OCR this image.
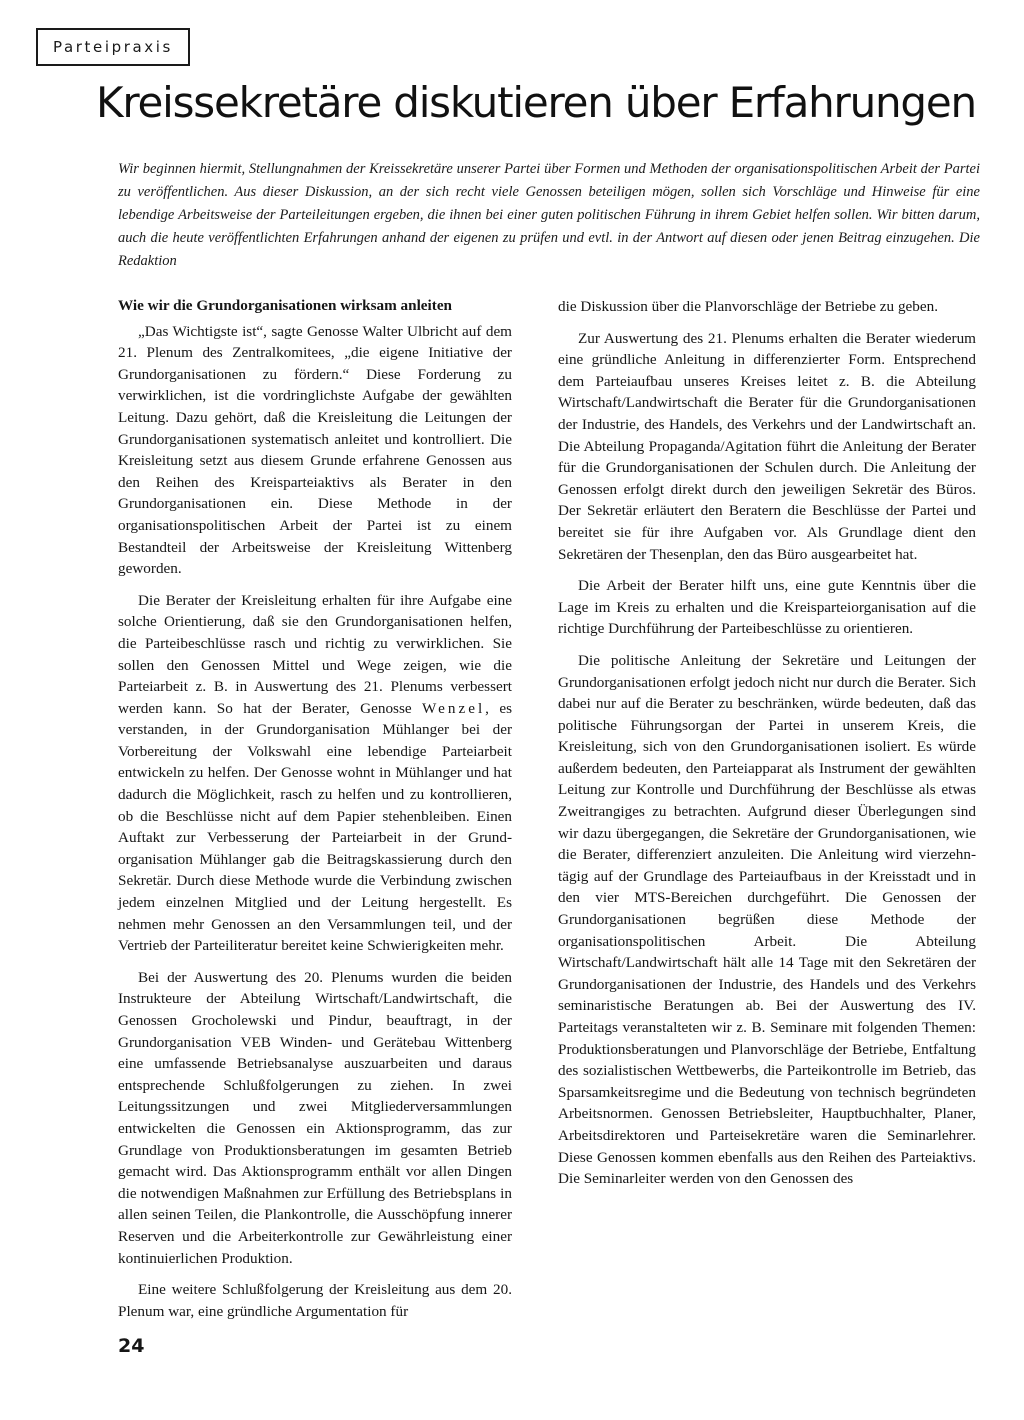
Parteipraxis
Kreissekretäre diskutieren über Erfahrungen

Wir beginnen hiermit, Stellungnahmen der Kreissekretäre unserer Partei über Formen und Methoden der organisationspolitischen Arbeit der Partei zu veröffentlichen. Aus dieser Diskussion, an der sich recht viele Genossen beteiligen mögen, sollen sich Vorschläge und Hinweise für eine lebendige Arbeitsweise der Parteileitungen ergeben, die ihnen bei einer guten politischen Führung in ihrem Gebiet helfen sollen. Wir bitten darum, auch die heute veröffentlichten Erfahrungen anhand der eigenen zu prüfen und evtl. in der Antwort auf diesen oder jenen Beitrag einzugehen. Die Redaktion

Wie wir die Grundorganisationen wirksam anleiten

„Das Wichtigste ist“, sagte Genosse Walter Ulbricht auf dem 21. Plenum des Zentralkomitees, „die eigene Initiative der Grundorganisationen zu fördern.“ Diese Forderung zu verwirklichen, ist die vordringlichste Aufgabe der gewählten Leitung. Dazu gehört, daß die Kreisleitung die Leitungen der Grundorganisationen systematisch anleitet und kontrolliert. Die Kreisleitung setzt aus diesem Grunde erfahrene Genossen aus den Reihen des Kreisparteiaktivs als Berater in den Grundorganisationen ein. Diese Methode in der organisationspolitischen Arbeit der Partei ist zu einem Bestandteil der Arbeitsweise der Kreisleitung Wittenberg geworden.

Die Berater der Kreisleitung erhalten für ihre Aufgabe eine solche Orientierung, daß sie den Grundorganisationen helfen, die Parteibeschlüsse rasch und richtig zu verwirklichen. Sie sollen den Genossen Mittel und Wege zeigen, wie die Parteiarbeit z. B. in Auswertung des 21. Plenums verbessert werden kann. So hat der Berater, Genosse Wenzel, es verstanden, in der Grundorganisation Mühlanger bei der Vorbereitung der Volkswahl eine lebendige Parteiarbeit entwickeln zu helfen. Der Genosse wohnt in Mühlanger und hat dadurch die Möglichkeit, rasch zu helfen und zu kontrollieren, ob die Beschlüsse nicht auf dem Papier stehenbleiben. Einen Auftakt zur Verbesserung der Parteiarbeit in der Grundorganisation Mühlanger gab die Beitragskassierung durch den Sekretär. Durch diese Methode wurde die Verbindung zwischen jedem einzelnen Mitglied und der Leitung hergestellt. Es nehmen mehr Genossen an den Versammlungen teil, und der Vertrieb der Parteiliteratur bereitet keine Schwierigkeiten mehr.

Bei der Auswertung des 20. Plenums wurden die beiden Instrukteure der Abteilung Wirtschaft/Landwirtschaft, die Genossen Grocholewski und Pindur, beauftragt, in der Grundorganisation VEB Winden- und Gerätebau Wittenberg eine umfassende Betriebsanalyse auszuarbeiten und daraus entsprechende Schlußfolgerungen zu ziehen. In zwei Leitungssitzungen und zwei Mitgliederversammlungen entwickelten die Genossen ein Aktionsprogramm, das zur Grundlage von Produktionsberatungen im gesamten Betrieb gemacht wird. Das Aktionsprogramm enthält vor allen Dingen die notwendigen Maßnahmen zur Erfüllung des Betriebsplans in allen seinen Teilen, die Plankontrolle, die Ausschöpfung innerer Reserven und die Arbeiterkontrolle zur Gewährleistung einer kontinuierlichen Produktion.

Eine weitere Schlußfolgerung der Kreisleitung aus dem 20. Plenum war, eine gründliche Argumentation für

die Diskussion über die Planvorschläge der Betriebe zu geben.

Zur Auswertung des 21. Plenums erhalten die Berater wiederum eine gründliche Anleitung in differenzierter Form. Entsprechend dem Parteiaufbau unseres Kreises leitet z. B. die Abteilung Wirtschaft/Landwirtschaft die Berater für die Grundorganisationen der Industrie, des Handels, des Verkehrs und der Landwirtschaft an. Die Abteilung Propaganda/Agitation führt die Anleitung der Berater für die Grundorganisationen der Schulen durch. Die Anleitung der Genossen erfolgt direkt durch den jeweiligen Sekretär des Büros. Der Sekretär erläutert den Beratern die Beschlüsse der Partei und bereitet sie für ihre Aufgaben vor. Als Grundlage dient den Sekretären der Thesenplan, den das Büro ausgearbeitet hat.

Die Arbeit der Berater hilft uns, eine gute Kenntnis über die Lage im Kreis zu erhalten und die Kreisparteiorganisation auf die richtige Durchführung der Parteibeschlüsse zu orientieren.

Die politische Anleitung der Sekretäre und Leitungen der Grundorganisationen erfolgt jedoch nicht nur durch die Berater. Sich dabei nur auf die Berater zu beschränken, würde bedeuten, daß das politische Führungsorgan der Partei in unserem Kreis, die Kreisleitung, sich von den Grundorganisationen isoliert. Es würde außerdem bedeuten, den Parteiapparat als Instrument der gewählten Leitung zur Kontrolle und Durchführung der Beschlüsse als etwas Zweitrangiges zu betrachten. Aufgrund dieser Überlegungen sind wir dazu übergegangen, die Sekretäre der Grundorganisationen, wie die Berater, differenziert anzuleiten. Die Anleitung wird vierzehntägig auf der Grundlage des Parteiaufbaus in der Kreisstadt und in den vier MTS-Bereichen durchgeführt. Die Genossen der Grundorganisationen begrüßen diese Methode der organisationspolitischen Arbeit. Die Abteilung Wirtschaft/Landwirtschaft hält alle 14 Tage mit den Sekretären der Grundorganisationen der Industrie, des Handels und des Verkehrs seminaristische Beratungen ab. Bei der Auswertung des IV. Parteitags veranstalteten wir z. B. Seminare mit folgenden Themen: Produktionsberatungen und Planvorschläge der Betriebe, Entfaltung des sozialistischen Wettbewerbs, die Parteikontrolle im Betrieb, das Sparsamkeitsregime und die Bedeutung von technisch begründeten Arbeitsnormen. Genossen Betriebsleiter, Hauptbuchhalter, Planer, Arbeitsdirektoren und Parteisekretäre waren die Seminarlehrer. Diese Genossen kommen ebenfalls aus den Reihen des Parteiaktivs. Die Seminarleiter werden von den Genossen des

24
